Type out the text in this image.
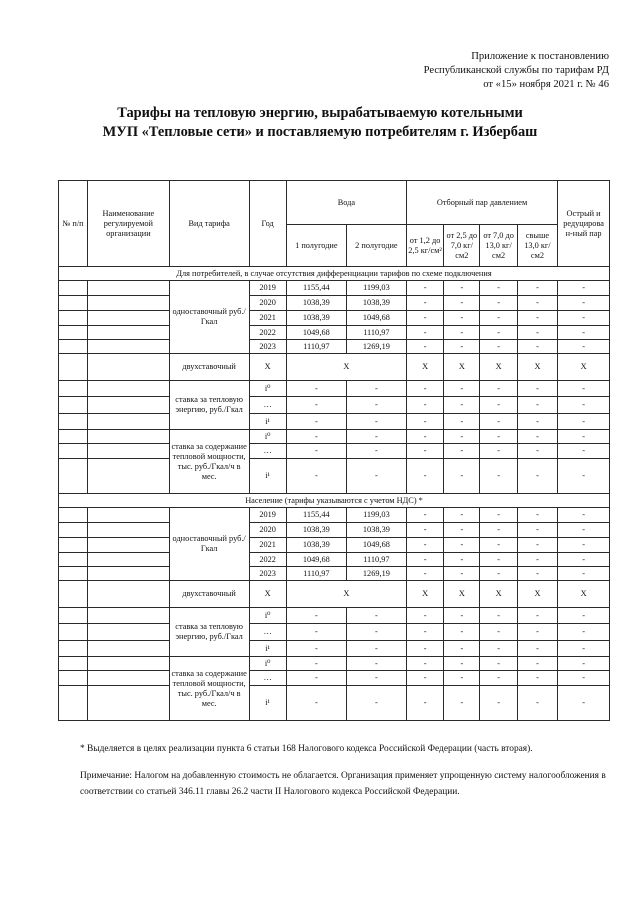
Приложение к постановлению
Республиканской службы по тарифам РД
от «15» ноября 2021 г. № 46
Тарифы на тепловую энергию, вырабатываемую котельными
МУП «Тепловые сети» и поставляемую потребителям г. Избербаш
№ п/п	Наименование регулируемой организации	Вид тарифа	Год	Вода		Отборный пар давлением				Острый и редуцирова н-ный пар
				1 полугодие	2 полугодие	от 1,2 до 2,5 кг/см²	от 2,5 до 7,0 кг/см2	от 7,0 до 13,0 кг/см2	свыше 13,0 кг/см2	
Для потребителей, в случае отсутствия дифференциации тарифов по схеме подключения										
		одноставочный руб./Гкал	2019	1155,44	1199,03	-	-	-	-	-
			2020	1038,39	1038,39	-	-	-	-	-
			2021	1038,39	1049,68	-	-	-	-	-
			2022	1049,68	1110,97	-	-	-	-	-
			2023	1110,97	1269,19	-	-	-	-	-
		двухставочный	X	X		X	X	X	X	X
		ставка за тепловую энергию, руб./Гкал	i⁰	-	-	-	-	-	-	-
			…	-	-	-	-	-	-	-
			i¹	-	-	-	-	-	-	-
		ставка за содержание тепловой мощности, тыс. руб./Гкал/ч в мес.	i⁰	-	-	-	-	-	-	-
			…	-	-	-	-	-	-	-
			i¹	-	-	-	-	-	-	-
Население (тарифы указываются с учетом НДС) *										
		одноставочный руб./Гкал	2019	1155,44	1199,03	-	-	-	-	-
			2020	1038,39	1038,39	-	-	-	-	-
			2021	1038,39	1049,68	-	-	-	-	-
			2022	1049,68	1110,97	-	-	-	-	-
			2023	1110,97	1269,19	-	-	-	-	-
		двухставочный	X	X		X	X	X	X	X
		ставка за тепловую энергию, руб./Гкал	i⁰	-	-	-	-	-	-	-
			…	-	-	-	-	-	-	-
			i¹	-	-	-	-	-	-	-
		ставка за содержание тепловой мощности, тыс. руб./Гкал/ч в мес.	i⁰	-	-	-	-	-	-	-
			…	-	-	-	-	-	-	-
			i¹	-	-	-	-	-	-	-
* Выделяется в целях реализации пункта 6 статьи 168 Налогового кодекса Российской Федерации (часть вторая).
Примечание: Налогом на добавленную стоимость не облагается. Организация применяет упрощенную систему налогообложения в соответствии со статьей 346.11 главы 26.2 части II Налогового кодекса Российской Федерации.
